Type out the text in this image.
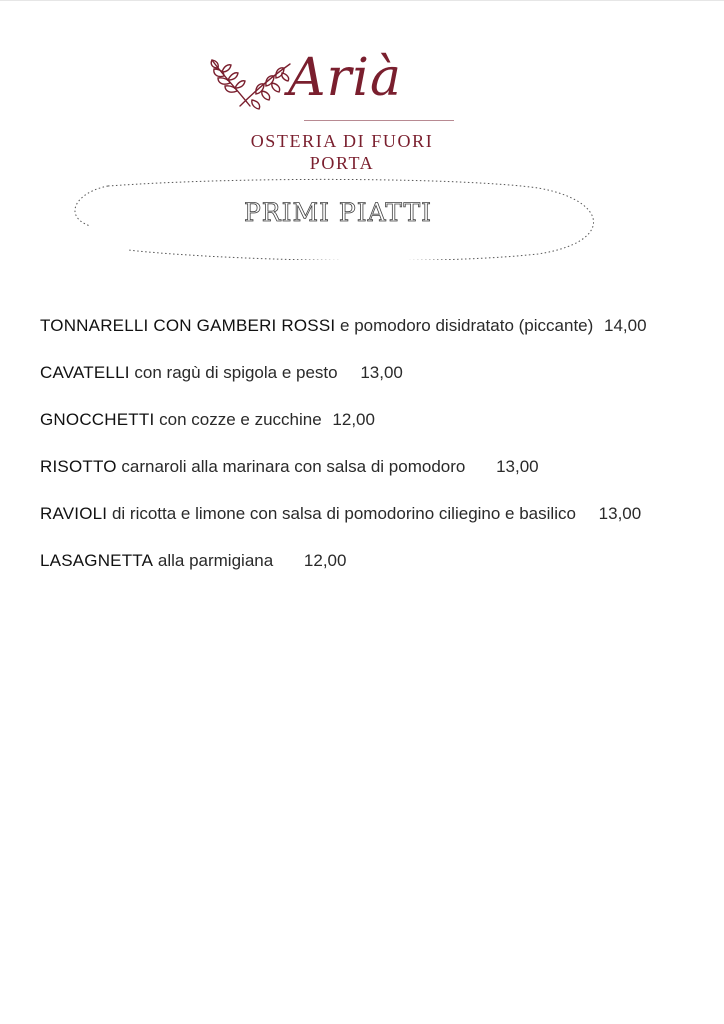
Arià
OSTERIA DI FUORI PORTA
PRIMI PIATTI
TONNARELLI CON GAMBERI ROSSI e pomodoro disidratato (piccante) 14,00
CAVATELLI con ragù di spigola e pesto 13,00
GNOCCHETTI con cozze e zucchine 12,00
RISOTTO carnaroli alla marinara con salsa di pomodoro 13,00
RAVIOLI di ricotta e limone con salsa di pomodorino ciliegino e basilico 13,00
LASAGNETTA alla parmigiana 12,00
